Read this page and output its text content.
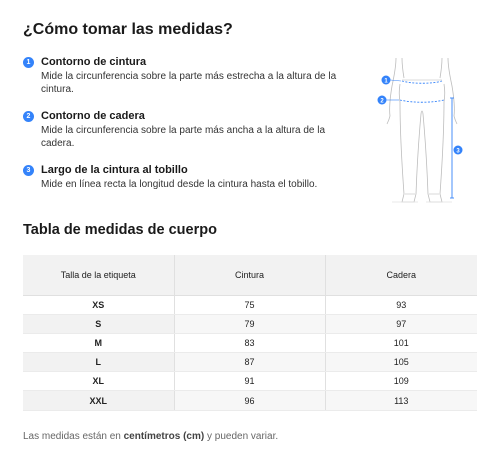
¿Cómo tomar las medidas?
1 Contorno de cintura
Mide la circunferencia sobre la parte más estrecha a la altura de la cintura.
2 Contorno de cadera
Mide la circunferencia sobre la parte más ancha a la altura de la cadera.
3 Largo de la cintura al tobillo
Mide en línea recta la longitud desde la cintura hasta el tobillo.
1
2
3
Tabla de medidas de cuerpo
Talla de la etiqueta	Cintura	Cadera
XS	75	93
S	79	97
M	83	101
L	87	105
XL	91	109
XXL	96	113
Las medidas están en centímetros (cm) y pueden variar.
